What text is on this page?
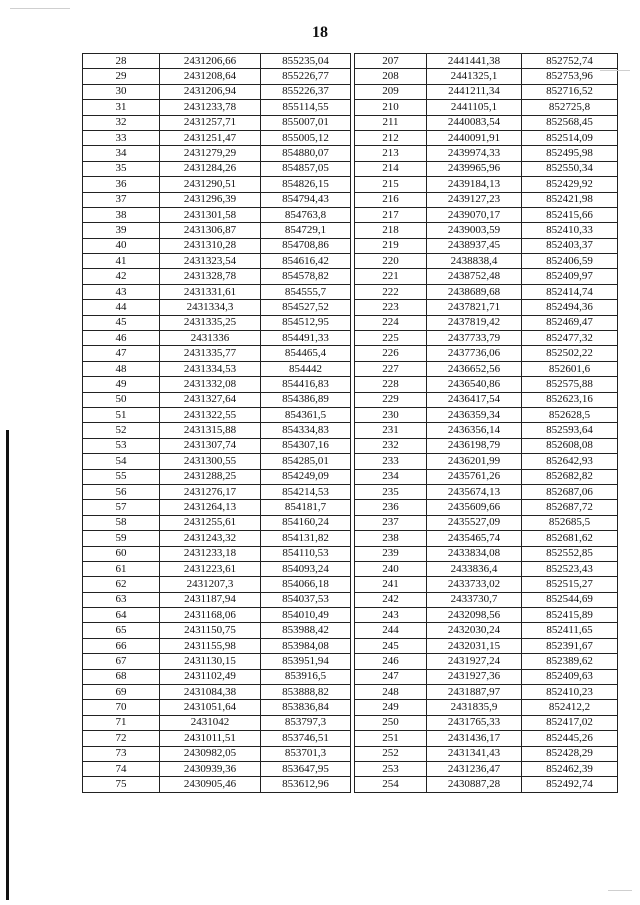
18
28	2431206,66	855235,04		207	2441441,38	852752,74
29	2431208,64	855226,77		208	2441325,1	852753,96
30	2431206,94	855226,37		209	2441211,34	852716,52
31	2431233,78	855114,55		210	2441105,1	852725,8
32	2431257,71	855007,01		211	2440083,54	852568,45
33	2431251,47	855005,12		212	2440091,91	852514,09
34	2431279,29	854880,07		213	2439974,33	852495,98
35	2431284,26	854857,05		214	2439965,96	852550,34
36	2431290,51	854826,15		215	2439184,13	852429,92
37	2431296,39	854794,43		216	2439127,23	852421,98
38	2431301,58	854763,8		217	2439070,17	852415,66
39	2431306,87	854729,1		218	2439003,59	852410,33
40	2431310,28	854708,86		219	2438937,45	852403,37
41	2431323,54	854616,42		220	2438838,4	852406,59
42	2431328,78	854578,82		221	2438752,48	852409,97
43	2431331,61	854555,7		222	2438689,68	852414,74
44	2431334,3	854527,52		223	2437821,71	852494,36
45	2431335,25	854512,95		224	2437819,42	852469,47
46	2431336	854491,33		225	2437733,79	852477,32
47	2431335,77	854465,4		226	2437736,06	852502,22
48	2431334,53	854442		227	2436652,56	852601,6
49	2431332,08	854416,83		228	2436540,86	852575,88
50	2431327,64	854386,89		229	2436417,54	852623,16
51	2431322,55	854361,5		230	2436359,34	852628,5
52	2431315,88	854334,83		231	2436356,14	852593,64
53	2431307,74	854307,16		232	2436198,79	852608,08
54	2431300,55	854285,01		233	2436201,99	852642,93
55	2431288,25	854249,09		234	2435761,26	852682,82
56	2431276,17	854214,53		235	2435674,13	852687,06
57	2431264,13	854181,7		236	2435609,66	852687,72
58	2431255,61	854160,24		237	2435527,09	852685,5
59	2431243,32	854131,82		238	2435465,74	852681,62
60	2431233,18	854110,53		239	2433834,08	852552,85
61	2431223,61	854093,24		240	2433836,4	852523,43
62	2431207,3	854066,18		241	2433733,02	852515,27
63	2431187,94	854037,53		242	2433730,7	852544,69
64	2431168,06	854010,49		243	2432098,56	852415,89
65	2431150,75	853988,42		244	2432030,24	852411,65
66	2431155,98	853984,08		245	2432031,15	852391,67
67	2431130,15	853951,94		246	2431927,24	852389,62
68	2431102,49	853916,5		247	2431927,36	852409,63
69	2431084,38	853888,82		248	2431887,97	852410,23
70	2431051,64	853836,84		249	2431835,9	852412,2
71	2431042	853797,3		250	2431765,33	852417,02
72	2431011,51	853746,51		251	2431436,17	852445,26
73	2430982,05	853701,3		252	2431341,43	852428,29
74	2430939,36	853647,95		253	2431236,47	852462,39
75	2430905,46	853612,96		254	2430887,28	852492,74
